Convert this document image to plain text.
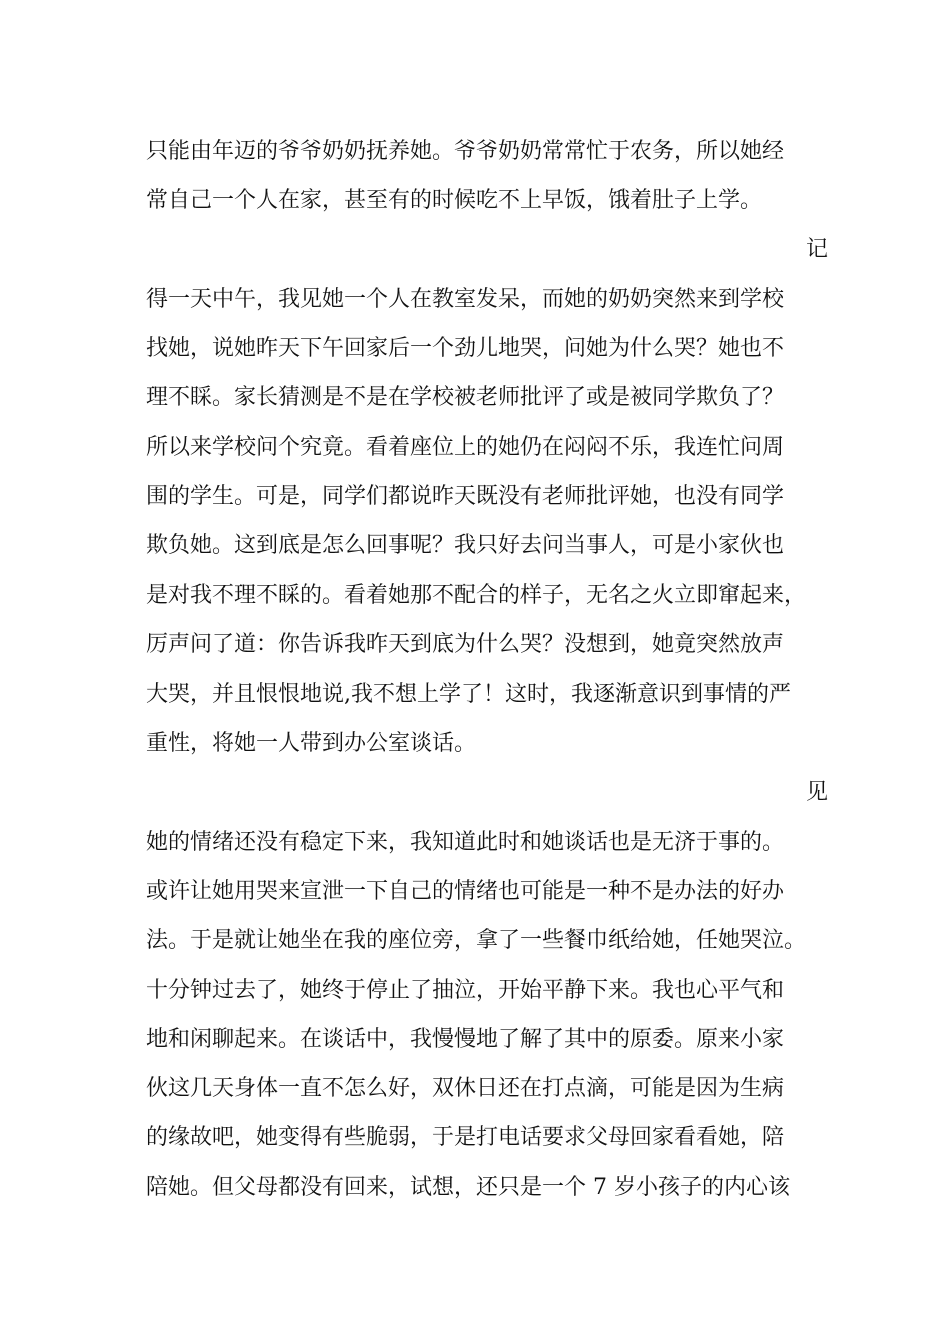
只能由年迈的爷爷奶奶抚养她。爷爷奶奶常常忙于农务，所以她经
常自己一个人在家，甚至有的时候吃不上早饭，饿着肚子上学。
记
得一天中午，我见她一个人在教室发呆，而她的奶奶突然来到学校
找她，说她昨天下午回家后一个劲儿地哭，问她为什么哭？她也不
理不睬。家长猜测是不是在学校被老师批评了或是被同学欺负了？
所以来学校问个究竟。看着座位上的她仍在闷闷不乐，我连忙问周
围的学生。可是，同学们都说昨天既没有老师批评她，也没有同学
欺负她。这到底是怎么回事呢？我只好去问当事人，可是小家伙也
是对我不理不睬的。看着她那不配合的样子，无名之火立即窜起来，
厉声问了道：你告诉我昨天到底为什么哭？没想到，她竟突然放声
大哭，并且恨恨地说,我不想上学了！这时，我逐渐意识到事情的严
重性，将她一人带到办公室谈话。
见
她的情绪还没有稳定下来，我知道此时和她谈话也是无济于事的。
或许让她用哭来宣泄一下自己的情绪也可能是一种不是办法的好办
法。于是就让她坐在我的座位旁，拿了一些餐巾纸给她，任她哭泣。
十分钟过去了，她终于停止了抽泣，开始平静下来。我也心平气和
地和闲聊起来。在谈话中，我慢慢地了解了其中的原委。原来小家
伙这几天身体一直不怎么好，双休日还在打点滴，可能是因为生病
的缘故吧，她变得有些脆弱，于是打电话要求父母回家看看她，陪
陪她。但父母都没有回来，试想，还只是一个 7 岁小孩子的内心该
